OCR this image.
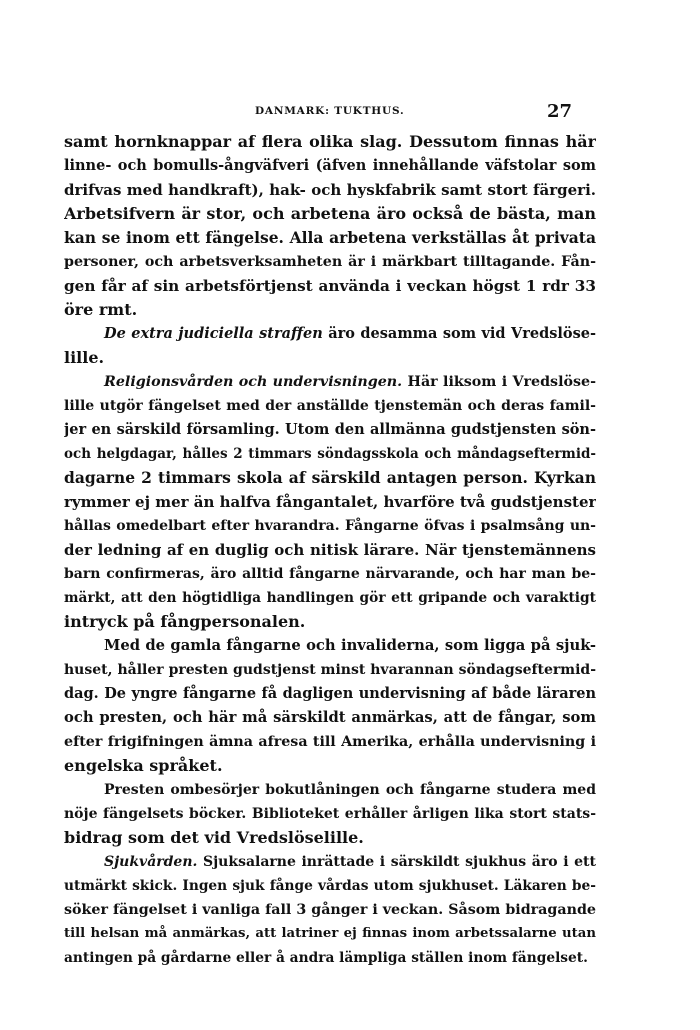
DANMARK: TUKTHUS.	27
samt hornknappar af flera olika slag. Dessutom finnas här
linne- och bomulls-ångväfveri (äfven innehållande väfstolar som
drifvas med handkraft), hak- och hyskfabrik samt stort färgeri.
Arbetsifvern är stor, och arbetena äro också de bästa, man
kan se inom ett fängelse. Alla arbetena verkställas åt privata
personer, och arbetsverksamheten är i märkbart tilltagande. Fån-
gen får af sin arbetsförtjenst använda i veckan högst 1 rdr 33
öre rmt.
De extra judiciella straffen äro desamma som vid Vredslöse-
lille.
Religionsvården och undervisningen. Här liksom i Vredslöse-
lille utgör fängelset med der anställde tjenstemän och deras famil-
jer en särskild församling. Utom den allmänna gudstjensten sön-
och helgdagar, hålles 2 timmars söndagsskola och måndagseftermid-
dagarne 2 timmars skola af särskild antagen person. Kyrkan
rymmer ej mer än halfva fångantalet, hvarföre två gudstjenster
hållas omedelbart efter hvarandra. Fångarne öfvas i psalmsång un-
der ledning af en duglig och nitisk lärare. När tjenstemännens
barn confirmeras, äro alltid fångarne närvarande, och har man be-
märkt, att den högtidliga handlingen gör ett gripande och varaktigt
intryck på fångpersonalen.
Med de gamla fångarne och invaliderna, som ligga på sjuk-
huset, håller presten gudstjenst minst hvarannan söndagseftermid-
dag. De yngre fångarne få dagligen undervisning af både läraren
och presten, och här må särskildt anmärkas, att de fångar, som
efter frigifningen ämna afresa till Amerika, erhålla undervisning i
engelska språket.
Presten ombesörjer bokutlåningen och fångarne studera med
nöje fängelsets böcker. Biblioteket erhåller årligen lika stort stats-
bidrag som det vid Vredslöselille.
Sjukvården. Sjuksalarne inrättade i särskildt sjukhus äro i ett
utmärkt skick. Ingen sjuk fånge vårdas utom sjukhuset. Läkaren be-
söker fängelset i vanliga fall 3 gånger i veckan. Såsom bidragande
till helsan må anmärkas, att latriner ej finnas inom arbetssalarne utan
antingen på gårdarne eller å andra lämpliga ställen inom fängelset.
